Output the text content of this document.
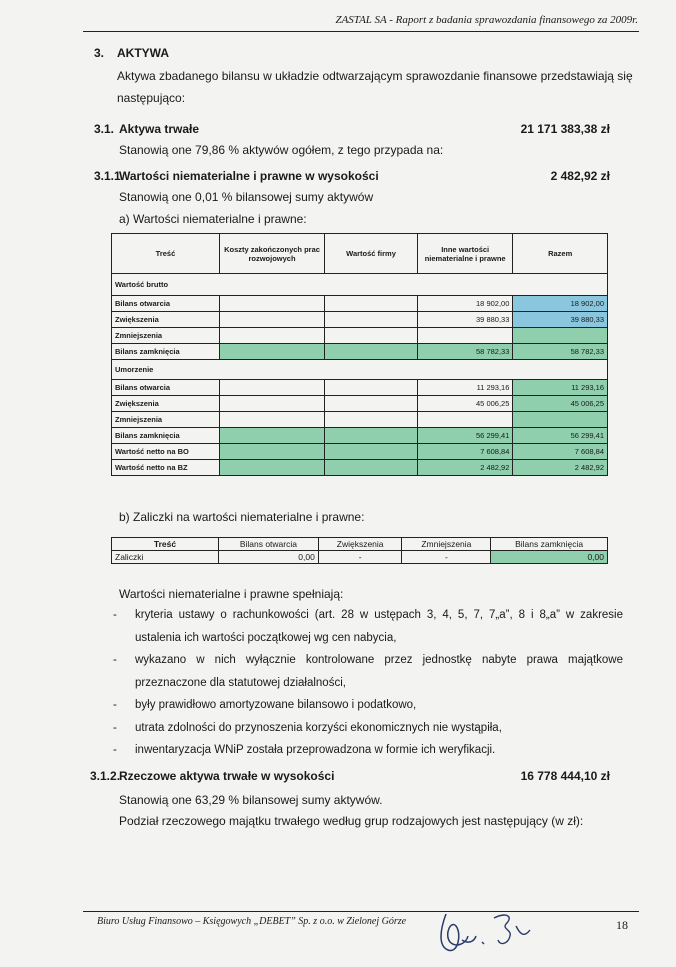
ZASTAL SA - Raport z badania sprawozdania finansowego za 2009r.
3. AKTYWA
Aktywa zbadanego bilansu w układzie odtwarzającym sprawozdanie finansowe przedstawiają się
następująco:
3.1. Aktywa trwałe	21 171 383,38 zł
Stanowią one 79,86 % aktywów ogółem, z tego przypada na:
3.1.1.
Wartości niematerialne i prawne w wysokości	2 482,92 zł
Stanowią one 0,01 % bilansowej sumy aktywów
a) Wartości niematerialne i prawne:
Treść	Koszty zakończonych prac rozwojowych	Wartość firmy	Inne wartości niematerialne i prawne	Razem
Wartość brutto				
Bilans otwarcia			18 902,00	18 902,00
Zwiększenia			39 880,33	39 880,33
Zmniejszenia				
Bilans zamknięcia			58 782,33	58 782,33
Umorzenie				
Bilans otwarcia			11 293,16	11 293,16
Zwiększenia			45 006,25	45 006,25
Zmniejszenia				
Bilans zamknięcia			56 299,41	56 299,41
Wartość netto na BO			7 608,84	7 608,84
Wartość netto na BZ			2 482,92	2 482,92
b) Zaliczki na wartości niematerialne i prawne:
Treść	Bilans otwarcia	Zwiększenia	Zmniejszenia	Bilans zamknięcia
Zaliczki	0,00	-	-	0,00
Wartości niematerialne i prawne spełniają:
- kryteria ustawy o rachunkowości (art. 28 w ustępach 3, 4, 5, 7, 7„a”, 8 i 8„a” w zakresie ustalenia ich wartości początkowej wg cen nabycia,
- wykazano w nich wyłącznie kontrolowane przez jednostkę nabyte prawa majątkowe przeznaczone dla statutowej działalności,
- były prawidłowo amortyzowane bilansowo i podatkowo,
- utrata zdolności do przynoszenia korzyści ekonomicznych nie wystąpiła,
- inwentaryzacja WNiP została przeprowadzona w formie ich weryfikacji.
3.1.2.
Rzeczowe aktywa trwałe w wysokości	16 778 444,10 zł
Stanowią one 63,29 % bilansowej sumy aktywów.
Podział rzeczowego majątku trwałego według grup rodzajowych jest następujący (w zł):
Biuro Usług Finansowo – Księgowych „DEBET” Sp. z o.o. w Zielonej Górze	18
